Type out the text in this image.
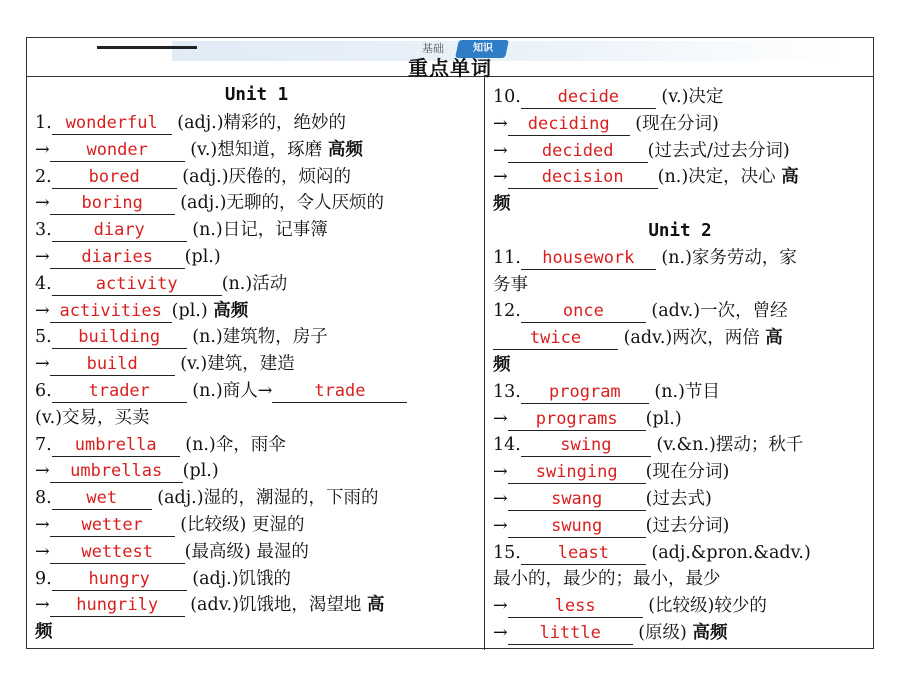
知识
基础
重点单词
Unit 1
1. wonderful (adj.)精彩的，绝妙的
→ wonder (v.)想知道，琢磨 高频
2. bored (adj.)厌倦的，烦闷的
→ boring (adj.)无聊的，令人厌烦的
3. diary (n.)日记，记事簿
→ diaries (pl.)
4.	activity	(n.)活动
→ activities (pl.) 高频
5. building (n.)建筑物，房子
→ build (v.)建筑，建造
6. trader (n.)商人→ trade
(v.)交易，买卖
7. umbrella (n.)伞，雨伞
→ umbrellas (pl.)
8. wet (adj.)湿的，潮湿的，下雨的
→ wetter (比较级) 更湿的
→ wettest (最高级) 最湿的
9. hungry (adj.)饥饿的
→ hungrily (adv.)饥饿地，渴望地 高
频
10. decide (v.)决定
→ deciding (现在分词)
→ decided (过去式/过去分词)
→ decision (n.)决定，决心 高
频
Unit 2
11. housework (n.)家务劳动，家
务事
12. once (adv.)一次，曾经
twice (adv.)两次，两倍 高
频
13. program (n.)节目
→ programs (pl.)
14. swing (v.&n.)摆动；秋千
→ swinging (现在分词)
→	swang (过去式)
→	swung (过去分词)
15. least (adj.&pron.&adv.)
最小的，最少的；最小，最少
→	less	(比较级)较少的
→ little (原级) 高频
